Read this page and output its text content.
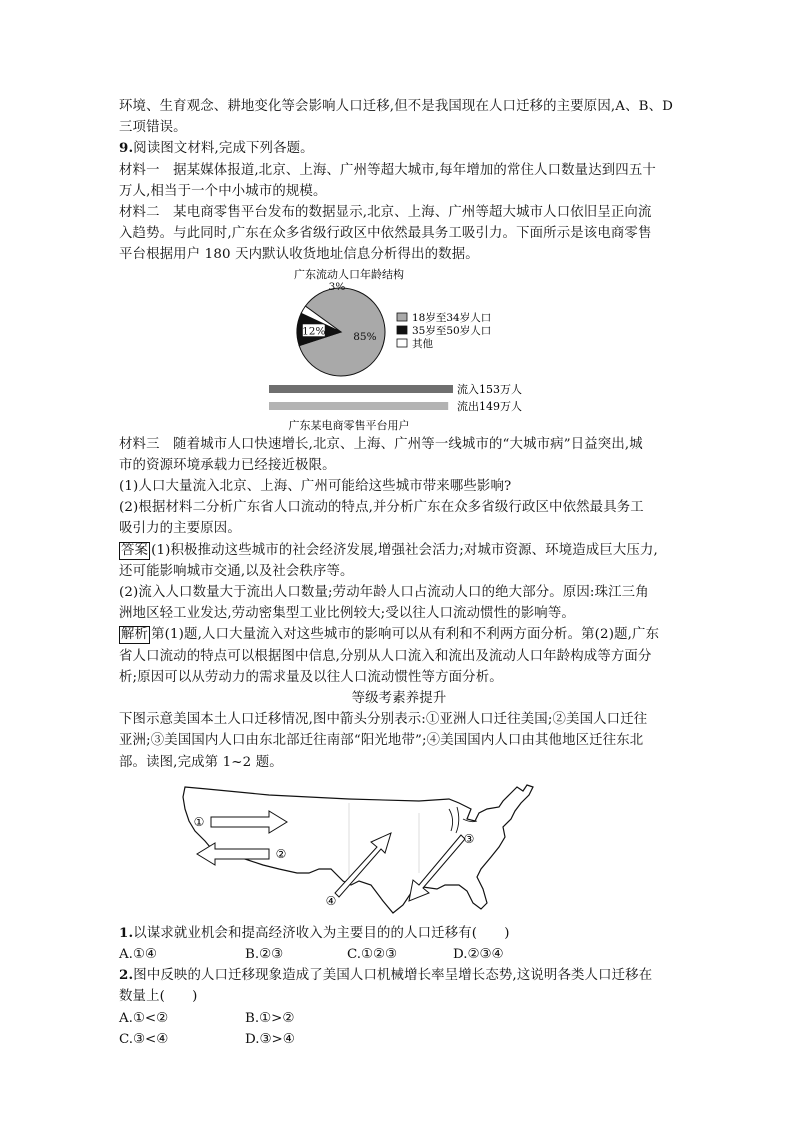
环境、生育观念、耕地变化等会影响人口迁移,但不是我国现在人口迁移的主要原因,A、B、D
三项错误。

9.阅读图文材料,完成下列各题。

材料一　据某媒体报道,北京、上海、广州等超大城市,每年增加的常住人口数量达到四五十
万人,相当于一个中小城市的规模。

材料二　某电商零售平台发布的数据显示,北京、上海、广州等超大城市人口依旧呈正向流
入趋势。与此同时,广东在众多省级行政区中依然最具务工吸引力。下面所示是该电商零售
平台根据用户 180 天内默认收货地址信息分析得出的数据。

广东流动人口年龄结构
85%
12%
3%
18岁至34岁人口
35岁至50岁人口
其他
流入153万人
流出149万人
广东某电商零售平台用户

材料三　随着城市人口快速增长,北京、上海、广州等一线城市的“大城市病”日益突出,城
市的资源环境承载力已经接近极限。

(1)人口大量流入北京、上海、广州可能给这些城市带来哪些影响?

(2)根据材料二分析广东省人口流动的特点,并分析广东在众多省级行政区中依然最具务工
吸引力的主要原因。

答案 (1)积极推动这些城市的社会经济发展,增强社会活力;对城市资源、环境造成巨大压力,
还可能影响城市交通,以及社会秩序等。

(2)流入人口数量大于流出人口数量;劳动年龄人口占流动人口的绝大部分。原因:珠江三角
洲地区轻工业发达,劳动密集型工业比例较大;受以往人口流动惯性的影响等。

解析 第(1)题,人口大量流入对这些城市的影响可以从有利和不利两方面分析。第(2)题,广东
省人口流动的特点可以根据图中信息,分别从人口流入和流出及流动人口年龄构成等方面分
析;原因可以从劳动力的需求量及以往人口流动惯性等方面分析。

等级考素养提升

下图示意美国本土人口迁移情况,图中箭头分别表示:①亚洲人口迁往美国;②美国人口迁往
亚洲;③美国国内人口由东北部迁往南部“阳光地带”;④美国国内人口由其他地区迁往东北
部。读图,完成第 1~2 题。

①
②
③
④

1.以谋求就业机会和提高经济收入为主要目的的人口迁移有(　　)

A.①④	B.②③	C.①②③	D.②③④

2.图中反映的人口迁移现象造成了美国人口机械增长率呈增长态势,这说明各类人口迁移在
数量上(　　)

A.①<②	B.①>②
C.③<④	D.③>④
